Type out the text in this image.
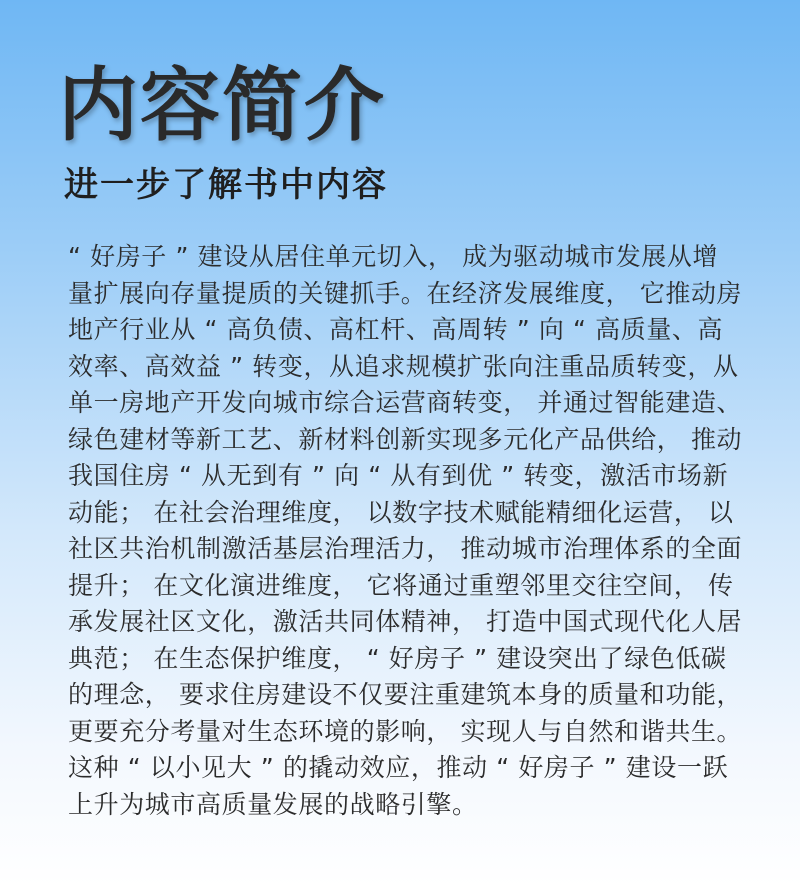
内容简介
进一步了解书中内容
“ 好房子 ” 建设从居住单元切入， 成为驱动城市发展从增
量扩展向存量提质的关键抓手。在经济发展维度， 它推动房
地产行业从 “ 高负债、高杠杆、高周转 ” 向 “ 高质量、高
效率、高效益 ” 转变，从追求规模扩张向注重品质转变，从
单一房地产开发向城市综合运营商转变， 并通过智能建造、
绿色建材等新工艺、新材料创新实现多元化产品供给， 推动
我国住房 “ 从无到有 ” 向 “ 从有到优 ” 转变，激活市场新
动能； 在社会治理维度， 以数字技术赋能精细化运营， 以
社区共治机制激活基层治理活力， 推动城市治理体系的全面
提升； 在文化演进维度， 它将通过重塑邻里交往空间， 传
承发展社区文化，激活共同体精神， 打造中国式现代化人居
典范； 在生态保护维度， “ 好房子 ” 建设突出了绿色低碳
的理念， 要求住房建设不仅要注重建筑本身的质量和功能，
更要充分考量对生态环境的影响， 实现人与自然和谐共生。
这种 “ 以小见大 ” 的撬动效应，推动 “ 好房子 ” 建设一跃
上升为城市高质量发展的战略引擎。
